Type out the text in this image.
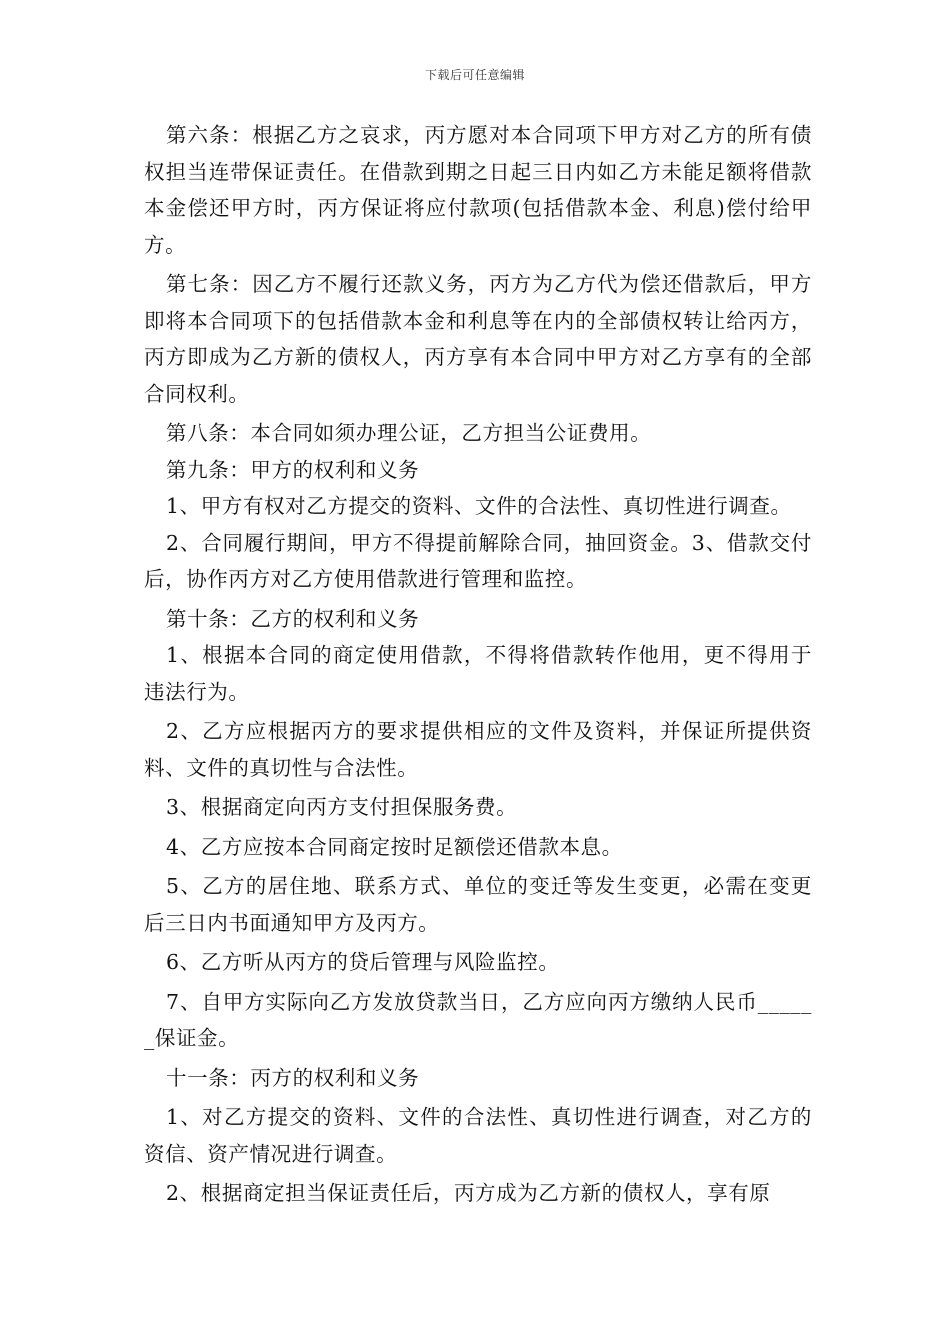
下载后可任意编辑

第六条：根据乙方之哀求，丙方愿对本合同项下甲方对乙方的所有债权担当连带保证责任。在借款到期之日起三日内如乙方未能足额将借款本金偿还甲方时，丙方保证将应付款项(包括借款本金、利息)偿付给甲方。

第七条：因乙方不履行还款义务，丙方为乙方代为偿还借款后，甲方即将本合同项下的包括借款本金和利息等在内的全部债权转让给丙方，丙方即成为乙方新的债权人，丙方享有本合同中甲方对乙方享有的全部合同权利。

第八条：本合同如须办理公证，乙方担当公证费用。

第九条：甲方的权利和义务

1、甲方有权对乙方提交的资料、文件的合法性、真切性进行调查。

2、合同履行期间，甲方不得提前解除合同，抽回资金。3、借款交付后，协作丙方对乙方使用借款进行管理和监控。

第十条：乙方的权利和义务

1、根据本合同的商定使用借款，不得将借款转作他用，更不得用于违法行为。

2、乙方应根据丙方的要求提供相应的文件及资料，并保证所提供资料、文件的真切性与合法性。

3、根据商定向丙方支付担保服务费。

4、乙方应按本合同商定按时足额偿还借款本息。

5、乙方的居住地、联系方式、单位的变迁等发生变更，必需在变更后三日内书面通知甲方及丙方。

6、乙方听从丙方的贷后管理与风险监控。

7、自甲方实际向乙方发放贷款当日，乙方应向丙方缴纳人民币______保证金。

十一条：丙方的权利和义务

1、对乙方提交的资料、文件的合法性、真切性进行调查，对乙方的资信、资产情况进行调查。

2、根据商定担当保证责任后，丙方成为乙方新的债权人，享有原
